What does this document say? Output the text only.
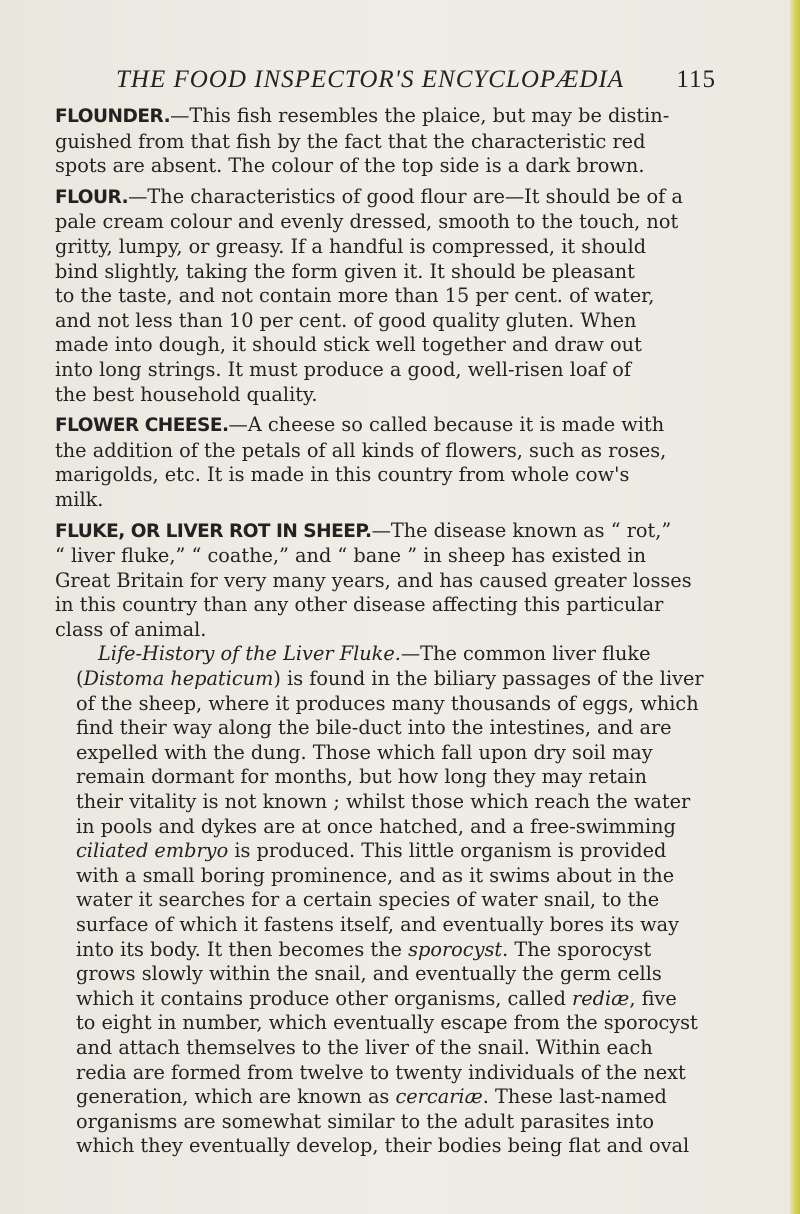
THE FOOD INSPECTOR'S ENCYCLOPÆDIA 115
FLOUNDER.—This fish resembles the plaice, but may be distin-
guished from that fish by the fact that the characteristic red
spots are absent. The colour of the top side is a dark brown.
FLOUR.—The characteristics of good flour are—It should be of a
pale cream colour and evenly dressed, smooth to the touch, not
gritty, lumpy, or greasy. If a handful is compressed, it should
bind slightly, taking the form given it. It should be pleasant
to the taste, and not contain more than 15 per cent. of water,
and not less than 10 per cent. of good quality gluten. When
made into dough, it should stick well together and draw out
into long strings. It must produce a good, well-risen loaf of
the best household quality.
FLOWER CHEESE.—A cheese so called because it is made with
the addition of the petals of all kinds of flowers, such as roses,
marigolds, etc. It is made in this country from whole cow's
milk.
FLUKE, OR LIVER ROT IN SHEEP.—The disease known as “ rot,”
“ liver fluke,” “ coathe,” and “ bane ” in sheep has existed in
Great Britain for very many years, and has caused greater losses
in this country than any other disease affecting this particular
class of animal.
Life-History of the Liver Fluke.—The common liver fluke
(Distoma hepaticum) is found in the biliary passages of the liver
of the sheep, where it produces many thousands of eggs, which
find their way along the bile-duct into the intestines, and are
expelled with the dung. Those which fall upon dry soil may
remain dormant for months, but how long they may retain
their vitality is not known ; whilst those which reach the water
in pools and dykes are at once hatched, and a free-swimming
ciliated embryo is produced. This little organism is provided
with a small boring prominence, and as it swims about in the
water it searches for a certain species of water snail, to the
surface of which it fastens itself, and eventually bores its way
into its body. It then becomes the sporocyst. The sporocyst
grows slowly within the snail, and eventually the germ cells
which it contains produce other organisms, called rediæ, five
to eight in number, which eventually escape from the sporocyst
and attach themselves to the liver of the snail. Within each
redia are formed from twelve to twenty individuals of the next
generation, which are known as cercariæ. These last-named
organisms are somewhat similar to the adult parasites into
which they eventually develop, their bodies being flat and oval
